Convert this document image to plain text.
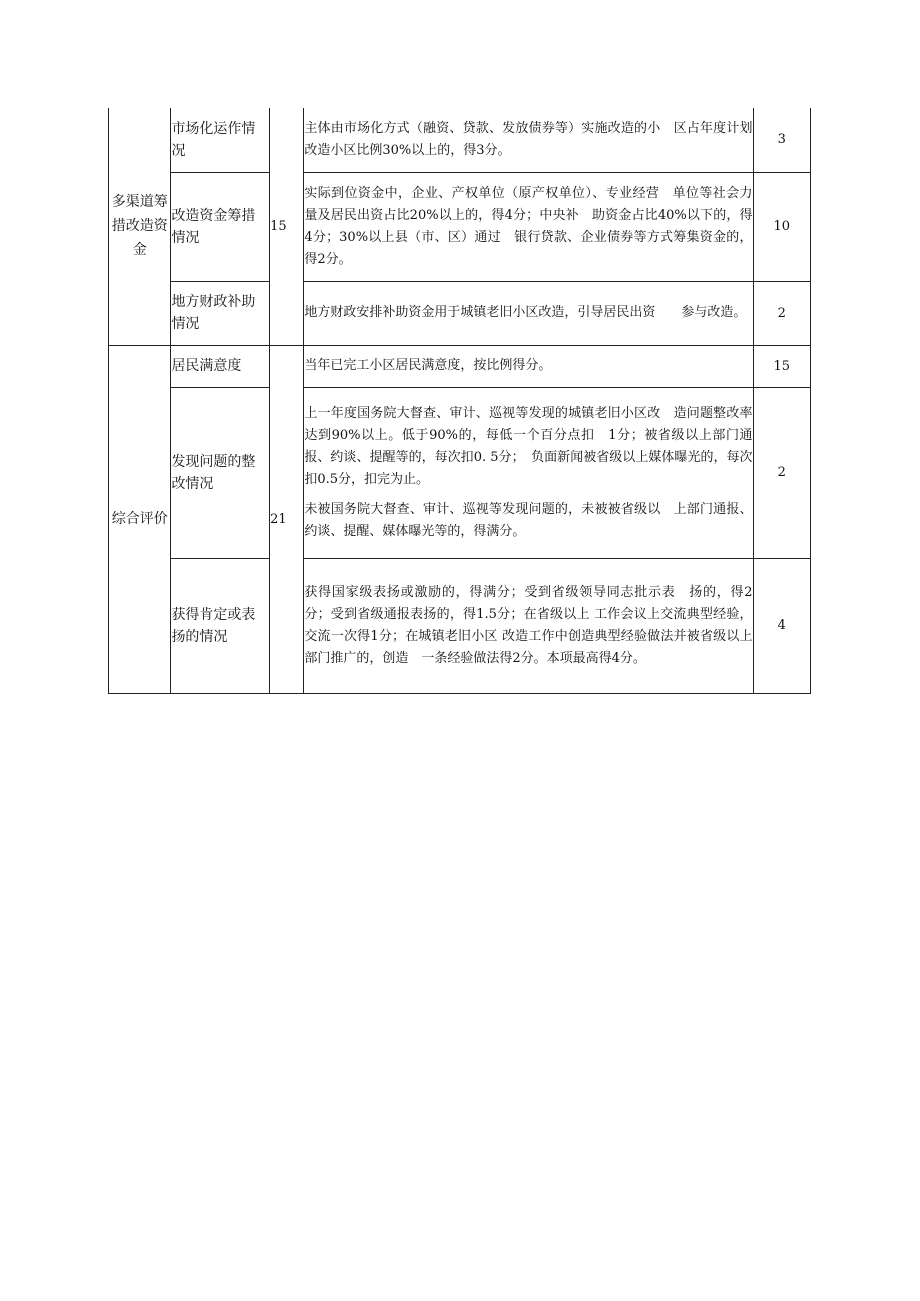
多渠道筹措改造资 金	市场化运作情况	15	主体由市场化方式（融资、贷款、发放债券等）实施改造的小　区占年度计划改造小区比例30%以上的，得3分。	3
	改造资金筹措情况		实际到位资金中，企业、产权单位（原产权单位）、专业经营　单位等社会力量及居民出资占比20%以上的，得4分；中央补　助资金占比40%以下的，得4分；30%以上县（市、区）通过　银行贷款、企业债券等方式筹集资金的，得2分。	10
	地方财政补助情况		地方财政安排补助资金用于城镇老旧小区改造，引导居民出资　　参与改造。	2
综合评价	居民满意度	21	当年已完工小区居民满意度，按比例得分。	15
	发现问题的整改情况		上一年度国务院大督查、审计、巡视等发现的城镇老旧小区改　造问题整改率达到90%以上。低于90%的，每低一个百分点扣　1分；被省级以上部门通报、约谈、提醒等的，每次扣0. 5分；　负面新闻被省级以上媒体曝光的，每次扣0.5分，扣完为止。

未被国务院大督查、审计、巡视等发现问题的，未被被省级以　上部门通报、约谈、提醒、媒体曝光等的，得满分。	2
	获得肯定或表扬的情况		获得国家级表扬或激励的，得满分；受到省级领导同志批示表　扬的，得2分；受到省级通报表扬的，得1.5分；在省级以上 工作会议上交流典型经验，交流一次得1分；在城镇老旧小区 改造工作中创造典型经验做法并被省级以上部门推广的，创造　一条经验做法得2分。本项最高得4分。	4
